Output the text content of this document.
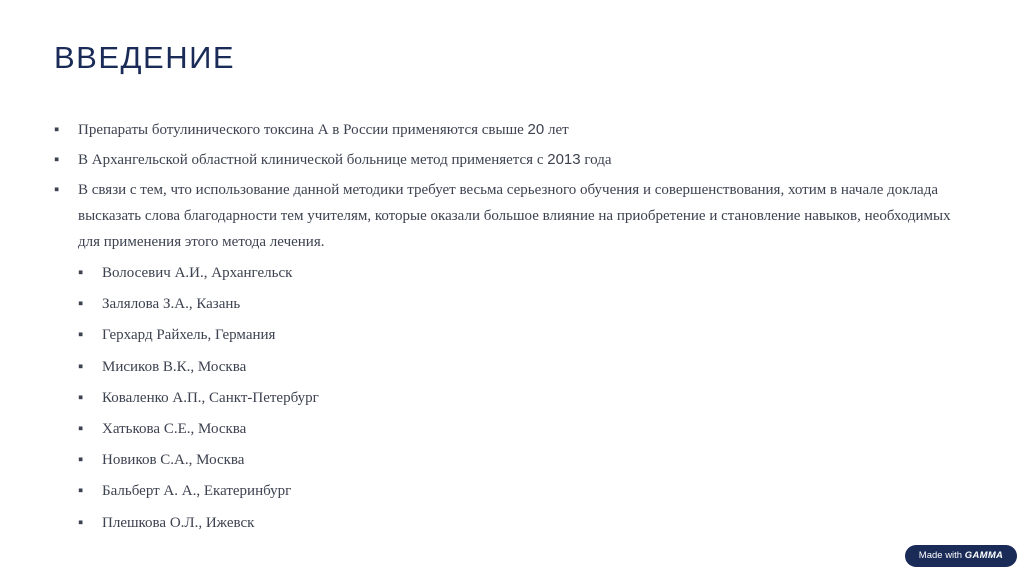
ВВЕДЕНИЕ
▪ Препараты ботулинического токсина А в России применяются свыше 20 лет
▪ В Архангельской областной клинической больнице метод применяется с 2013 года
▪ В связи с тем, что использование данной методики требует весьма серьезного обучения и совершенствования, хотим в начале доклада высказать слова благодарности тем учителям, которые оказали большое влияние на приобретение и становление навыков, необходимых для применения этого метода лечения.
▪ Волосевич А.И., Архангельск
▪ Залялова З.А., Казань
▪ Герхард Райхель, Германия
▪ Мисиков В.К., Москва
▪ Коваленко А.П., Санкт-Петербург
▪ Хатькова С.Е., Москва
▪ Новиков С.А., Москва
▪ Бальберт А. А., Екатеринбург
▪ Плешкова О.Л., Ижевск
Made with GAMMA
